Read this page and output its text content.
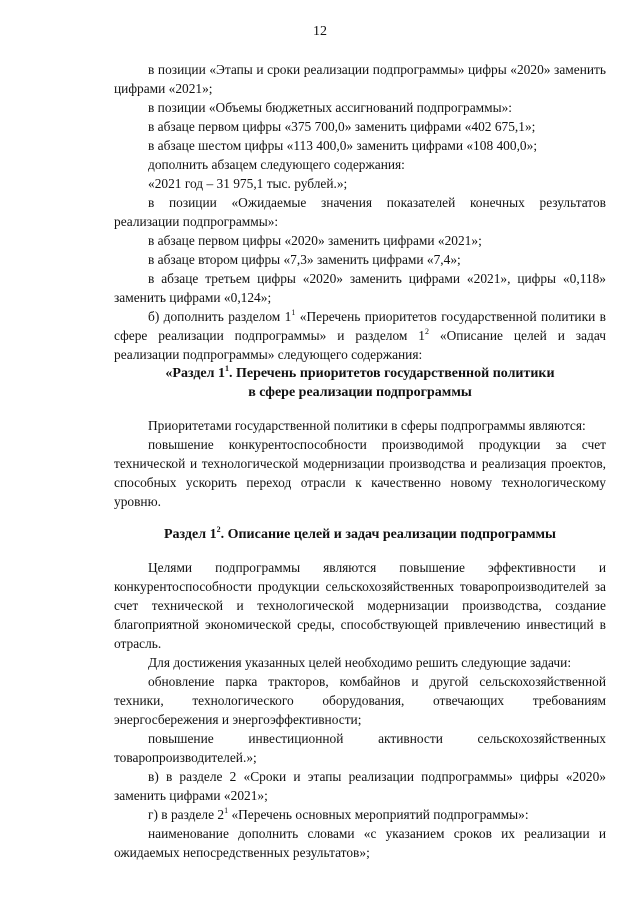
12

в позиции «Этапы и сроки реализации подпрограммы» цифры «2020» заменить цифрами «2021»;

в позиции «Объемы бюджетных ассигнований подпрограммы»:

в абзаце первом цифры «375 700,0» заменить цифрами «402 675,1»;

в абзаце шестом цифры «113 400,0» заменить цифрами «108 400,0»;

дополнить абзацем следующего содержания:

«2021 год – 31 975,1 тыс. рублей.»;

в позиции «Ожидаемые значения показателей конечных результатов реализации подпрограммы»:

в абзаце первом цифры «2020» заменить цифрами «2021»;

в абзаце втором цифры «7,3» заменить цифрами «7,4»;

в абзаце третьем цифры «2020» заменить цифрами «2021», цифры «0,118» заменить цифрами «0,124»;

б) дополнить разделом $1^1$ «Перечень приоритетов государственной политики в сфере реализации подпрограммы» и разделом $1^2$ «Описание целей и задач реализации подпрограммы» следующего содержания:

«Раздел $1^1$. Перечень приоритетов государственной политики

в сфере реализации подпрограммы

Приоритетами государственной политики в сферы подпрограммы являются:

повышение конкурентоспособности производимой продукции за счет технической и технологической модернизации производства и реализация проектов, способных ускорить переход отрасли к качественно новому технологическому уровню.

Раздел $1^2$. Описание целей и задач реализации подпрограммы

Целями подпрограммы являются повышение эффективности и конкурентоспособности продукции сельскохозяйственных товаропроизводителей за счет технической и технологической модернизации производства, создание благоприятной экономической среды, способствующей привлечению инвестиций в отрасль.

Для достижения указанных целей необходимо решить следующие задачи:

обновление парка тракторов, комбайнов и другой сельскохозяйственной техники, технологического оборудования, отвечающих требованиям энергосбережения и энергоэффективности;

повышение инвестиционной активности сельскохозяйственных товаропроизводителей.»;

в) в разделе 2 «Сроки и этапы реализации подпрограммы» цифры «2020» заменить цифрами «2021»;

г) в разделе $2^1$ «Перечень основных мероприятий подпрограммы»:

наименование дополнить словами «с указанием сроков их реализации и ожидаемых непосредственных результатов»;
